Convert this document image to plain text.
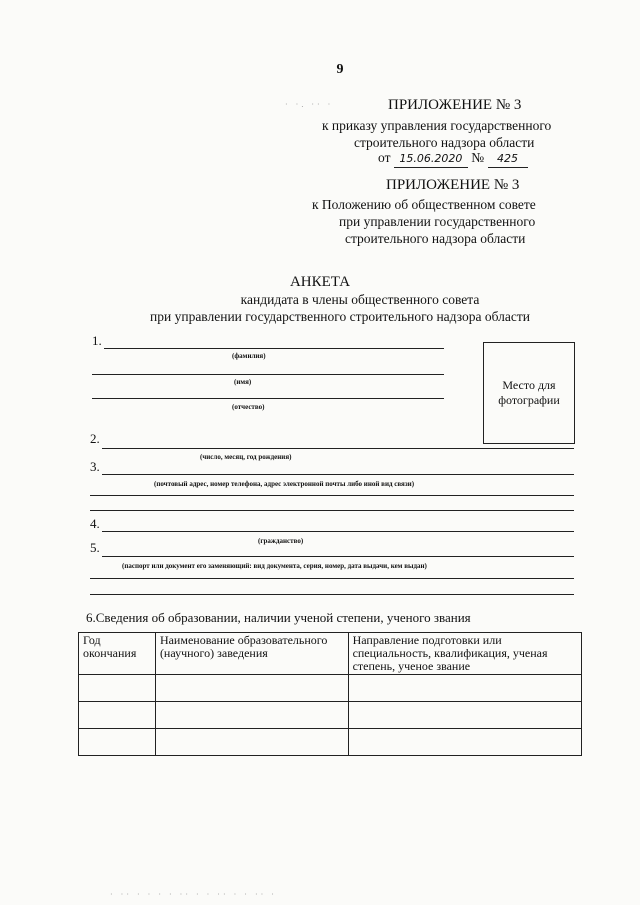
9
· ·. ·· ·	ПРИЛОЖЕНИЕ № 3
к приказу управления государственного
строительного надзора области
от 15.06.2020 № 425
ПРИЛОЖЕНИЕ № 3
к Положению об общественном совете
при управлении государственного
строительного надзора области
АНКЕТА
кандидата в члены общественного совета
при управлении государственного строительного надзора области
1.
(фамилия)
(имя)
(отчество)
Место для
фотографии
2.
(число, месяц, год рождения)
3.
(почтовый адрес, номер телефона, адрес электронной почты либо иной вид связи)
4.
(гражданство)
5.
(паспорт или документ его заменяющий: вид документа, серия, номер, дата выдачи, кем выдан)
6.Сведения об образовании, наличии ученой степени, ученого звания
Год окончания	Наименование образовательного (научного) заведения	Направление подготовки или специальность, квалификация, ученая степень, ученое звание

· ·· · · · · ·· · · ·· · · ·· ·
